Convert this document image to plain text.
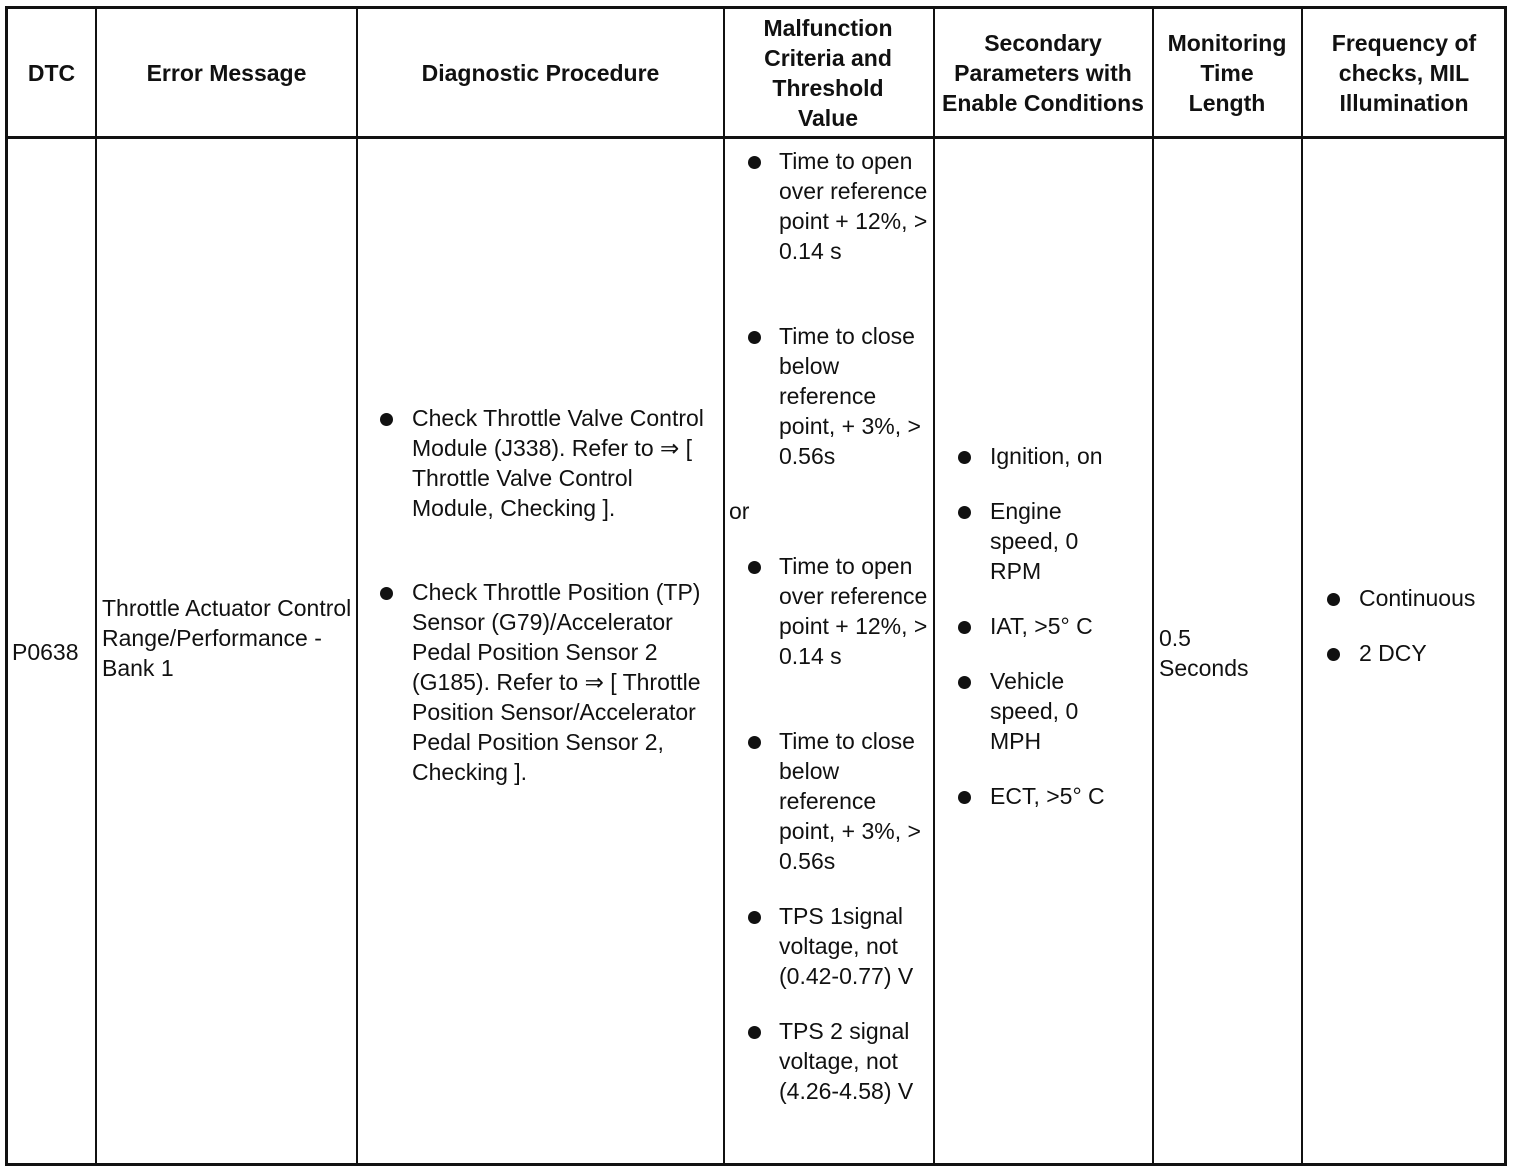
DTC	Error Message	Diagnostic Procedure
Malfunction Criteria and Threshold Value
Secondary Parameters with Enable Conditions
Monitoring Time Length
Frequency of checks, MIL Illumination
P0638
Throttle Actuator Control Range/Performance - Bank 1
Check Throttle Valve Control Module (J338). Refer to ⇒ [ Throttle Valve Control Module, Checking ].
Check Throttle Position (TP) Sensor (G79)/Accelerator Pedal Position Sensor 2 (G185). Refer to ⇒ [ Throttle Position Sensor/Accelerator Pedal Position Sensor 2, Checking ].
Time to open over reference point + 12%, > 0.14 s
Time to close below reference point, + 3%, > 0.56s
or
Time to open over reference point + 12%, > 0.14 s
Time to close below reference point, + 3%, > 0.56s
TPS 1signal voltage, not (0.42-0.77) V
TPS 2 signal voltage, not (4.26-4.58) V
Ignition, on
Engine speed, 0 RPM
IAT, >5° C
Vehicle speed, 0 MPH
ECT, >5° C
0.5 Seconds
Continuous
2 DCY
